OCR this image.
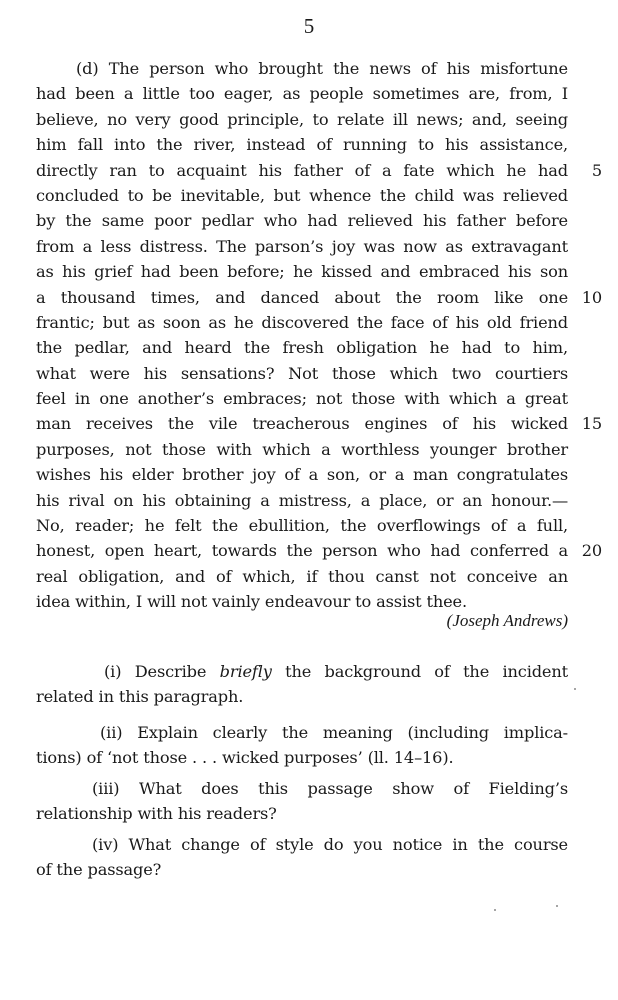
5
(d) The person who brought the news of his misfortune
had been a little too eager, as people sometimes are, from, I
believe, no very good principle, to relate ill news; and, seeing
him fall into the river, instead of running to his assistance,
directly ran to acquaint his father of a fate which he had 5
concluded to be inevitable, but whence the child was relieved
by the same poor pedlar who had relieved his father before
from a less distress. The parson’s joy was now as extravagant
as his grief had been before; he kissed and embraced his son
a thousand times, and danced about the room like one 10
frantic; but as soon as he discovered the face of his old friend
the pedlar, and heard the fresh obligation he had to him,
what were his sensations? Not those which two courtiers
feel in one another’s embraces; not those with which a great
man receives the vile treacherous engines of his wicked 15
purposes, not those with which a worthless younger brother
wishes his elder brother joy of a son, or a man congratulates
his rival on his obtaining a mistress, a place, or an honour.—
No, reader; he felt the ebullition, the overflowings of a full,
honest, open heart, towards the person who had conferred a 20
real obligation, and of which, if thou canst not conceive an
idea within, I will not vainly endeavour to assist thee.
(Joseph Andrews)
(i) Describe briefly the background of the incident
related in this paragraph.
(ii) Explain clearly the meaning (including implica-
tions) of ‘not those . . . wicked purposes’ (ll. 14–16).
(iii) What does this passage show of Fielding’s
relationship with his readers?
(iv) What change of style do you notice in the course
of the passage?
